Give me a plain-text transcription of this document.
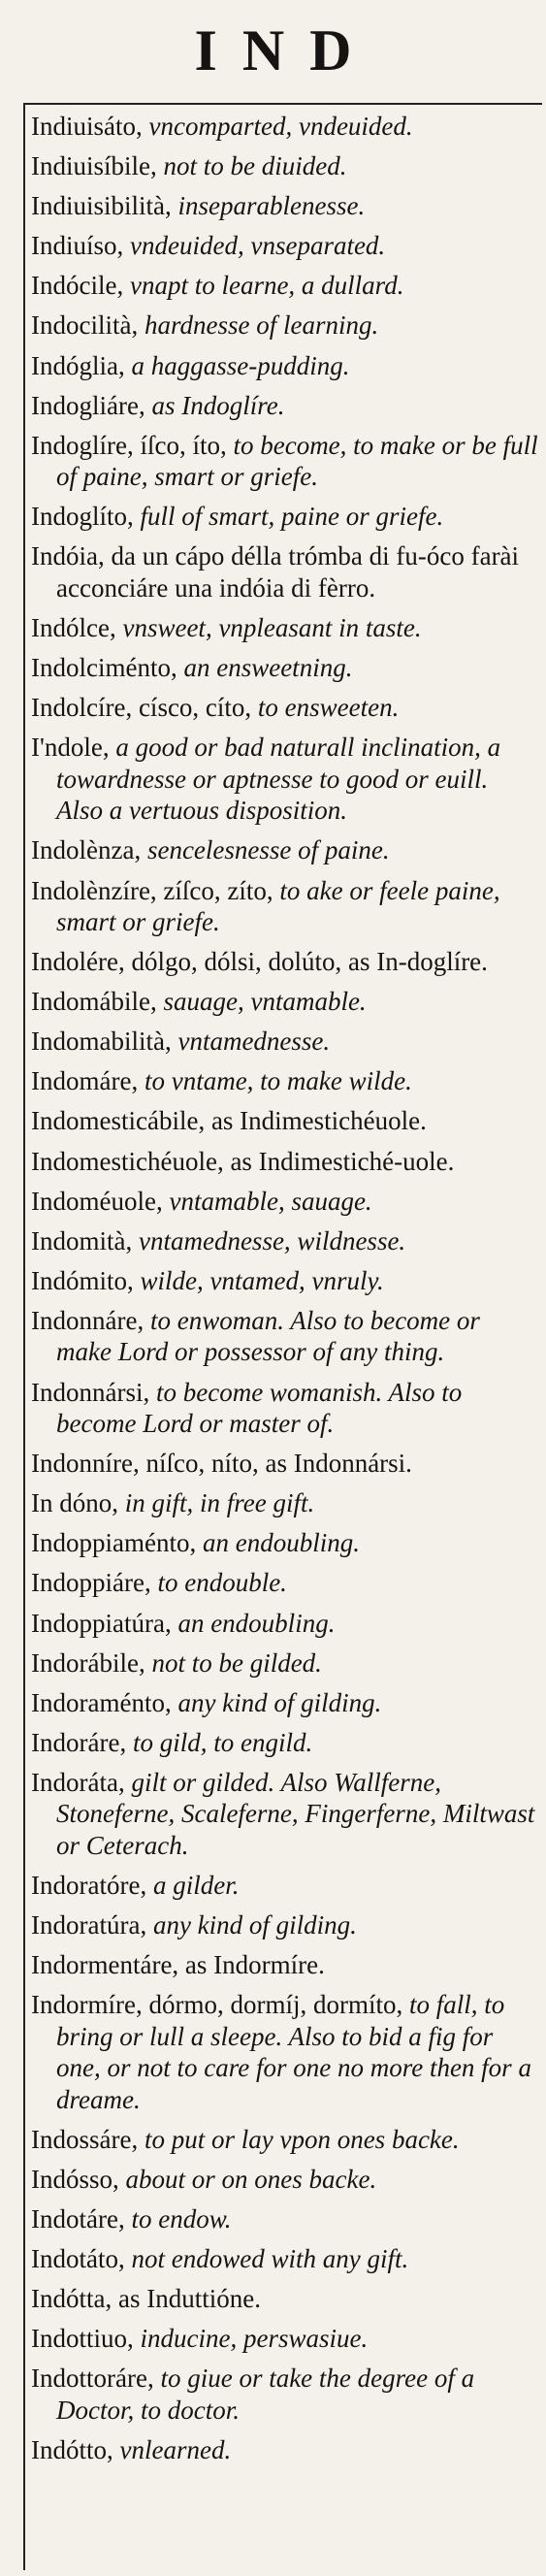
IND
Indiuisáto, vncomparted, vndeuided.
Indiuisíbile, not to be diuided.
Indiuisibilità, inseparablenesse.
Indiuíso, vndeuided, vnseparated.
Indócile, vnapt to learne, a dullard.
Indocilità, hardnesse of learning.
Indóglia, a haggasse-pudding.
Indogliáre, as Indoglíre.
Indoglíre, íſco, íto, to become, to make or be full of paine, smart or griefe.
Indoglíto, full of smart, paine or griefe.
Indóia, da un cápo délla trómba di fu-óco farài acconciáre una indóia di fèrro.
Indólce, vnsweet, vnpleasant in taste.
Indolciménto, an ensweetning.
Indolcíre, císco, cíto, to ensweeten.
I'ndole, a good or bad naturall inclination, a towardnesse or aptnesse to good or euill. Also a vertuous disposition.
Indolènza, sencelesnesse of paine.
Indolènzíre, zíſco, zíto, to ake or feele paine, smart or griefe.
Indolére, dólgo, dólsi, dolúto, as In-doglíre.
Indomábile, sauage, vntamable.
Indomabilità, vntamednesse.
Indomáre, to vntame, to make wilde.
Indomesticábile, as Indimestichéuole.
Indomestichéuole, as Indimestiché-uole.
Indoméuole, vntamable, sauage.
Indomità, vntamednesse, wildnesse.
Indómito, wilde, vntamed, vnruly.
Indonnáre, to enwoman. Also to become or make Lord or possessor of any thing.
Indonnársi, to become womanish. Also to become Lord or master of.
Indonníre, níſco, níto, as Indonnársi.
In dóno, in gift, in free gift.
Indoppiaménto, an endoubling.
Indoppiáre, to endouble.
Indoppiatúra, an endoubling.
Indorábile, not to be gilded.
Indoraménto, any kind of gilding.
Indoráre, to gild, to engild.
Indoráta, gilt or gilded. Also Wallferne, Stoneferne, Scaleferne, Fingerferne, Miltwast or Ceterach.
Indoratóre, a gilder.
Indoratúra, any kind of gilding.
Indormentáre, as Indormíre.
Indormíre, dórmo, dormíj, dormíto, to fall, to bring or lull a sleepe. Also to bid a fig for one, or not to care for one no more then for a dreame.
Indossáre, to put or lay vpon ones backe.
Indósso, about or on ones backe.
Indotáre, to endow.
Indotáto, not endowed with any gift.
Indótta, as Induttióne.
Indottiuo, inducine, perswasiue.
Indottoráre, to giue or take the degree of a Doctor, to doctor.
Indótto, vnlearned.
